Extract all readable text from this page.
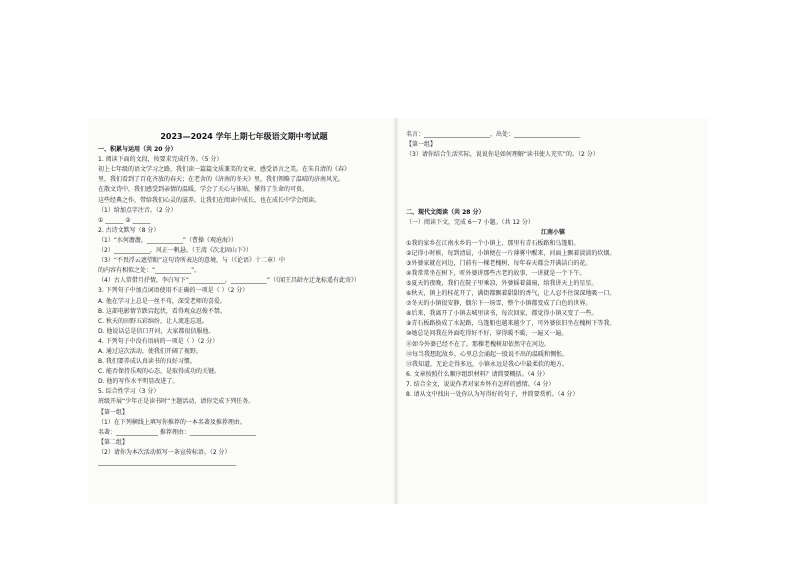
2023—2024 学年上期七年级语文期中考试题
一、积累与运用（共 20 分）
1. 阅读下面的文段，按要求完成任务。（5 分）
初上七年级的语文学习之路，我们读一篇篇文质兼美的文章，感受语言之美。在朱自清的《春》
里，我们看到了百花齐放的春天；在老舍的《济南的冬天》里，我们领略了温晴的济南风光。
在散文诗中，我们感受到亲情的温暖，学会了关心与体贴，懂得了生命的可贵。
这些经典之作，带给我们心灵的滋养，让我们在阅读中成长，也在成长中学会阅读。
（1）给加点字注音。（2 分）
① ______ ② ______
2. 古诗文默写（8 分）
（1）“水何澹澹，____________”（曹操《观沧海》）
（2）____________，风正一帆悬。（王湾《次北固山下》）
（3）“不畏浮云遮望眼”这句诗所表达的意境，与（《论语》十二章）中
的内容有相似之处：“____________”。
（4）古人常借月抒情，李白写下“____________，____________”（《闻王昌龄左迁龙标遥有此寄》）
3. 下列句子中加点词语使用不正确的一项是（ ）（2 分）
A. 他在学习上总是一丝不苟，深受老师的喜爱。
B. 这部电影情节跌宕起伏，看得观众忍俊不禁。
C. 秋天的田野五彩缤纷，让人流连忘返。
D. 他说话总是信口开河，大家都很信服他。
4. 下列句子中没有语病的一项是（ ）（2 分）
A. 通过这次活动，使我们开阔了视野。
B. 我们要养成认真读书的良好习惯。
C. 能否保持乐观的心态，是取得成功的关键。
D. 他的写作水平明显改进了。
5. 综合性学习（3 分）
班级开展“少年正是读书时”主题活动，请你完成下列任务。
【第一组】
（1）在下列横线上填写你推荐的一本名著及推荐理由。
名著：______________ 推荐理由：______________________
【第二组】
（2）请你为本次活动拟写一条宣传标语。（2 分）
______________________________________________
名言：______________________，出处：______________________
【第一组】
（3）请你结合生活实际，说说你是如何理解“读书使人充实”的。（2 分）
二、现代文阅读（共 28 分）
（一）阅读下文，完成 6～7 小题。（共 12 分）
江南小镇
①我的家乡在江南水乡的一个小镇上，那里有青石板路和乌篷船。
②记得小时候，每到清晨，小镇便在一片薄雾中醒来，河面上飘着淡淡的炊烟。
③外婆家就在河边，门前有一棵老槐树，每年春天都会开满洁白的花。
④我常常坐在树下，听外婆讲那些古老的故事，一讲就是一个下午。
⑤夏天的夜晚，我们在院子里乘凉，外婆摇着蒲扇，给我讲天上的星星。
⑥秋天，镇上的桂花开了，满街都飘着甜甜的香气，让人忍不住深深地吸一口。
⑦冬天的小镇很安静，偶尔下一场雪，整个小镇都变成了白色的世界。
⑧后来，我离开了小镇去城里读书，每次回家，都觉得小镇又变了一些。
⑨青石板路换成了水泥路，乌篷船也越来越少了，可外婆依旧坐在槐树下等我。
⑩她总是问我在外面吃得好不好，穿得暖不暖，一遍又一遍。
⑪如今外婆已经不在了，那棵老槐树却依然守在河边。
⑫每当我想起故乡，心里总会涌起一股说不出的温暖和惆怅。
⑬我知道，无论走得多远，小镇永远是我心中最柔软的地方。
6. 文章按照什么顺序组织材料？请简要概括。（4 分）
7. 结合全文，说说作者对家乡怀有怎样的感情。（4 分）
8. 请从文中找出一处你认为写得好的句子，并简要赏析。（4 分）
